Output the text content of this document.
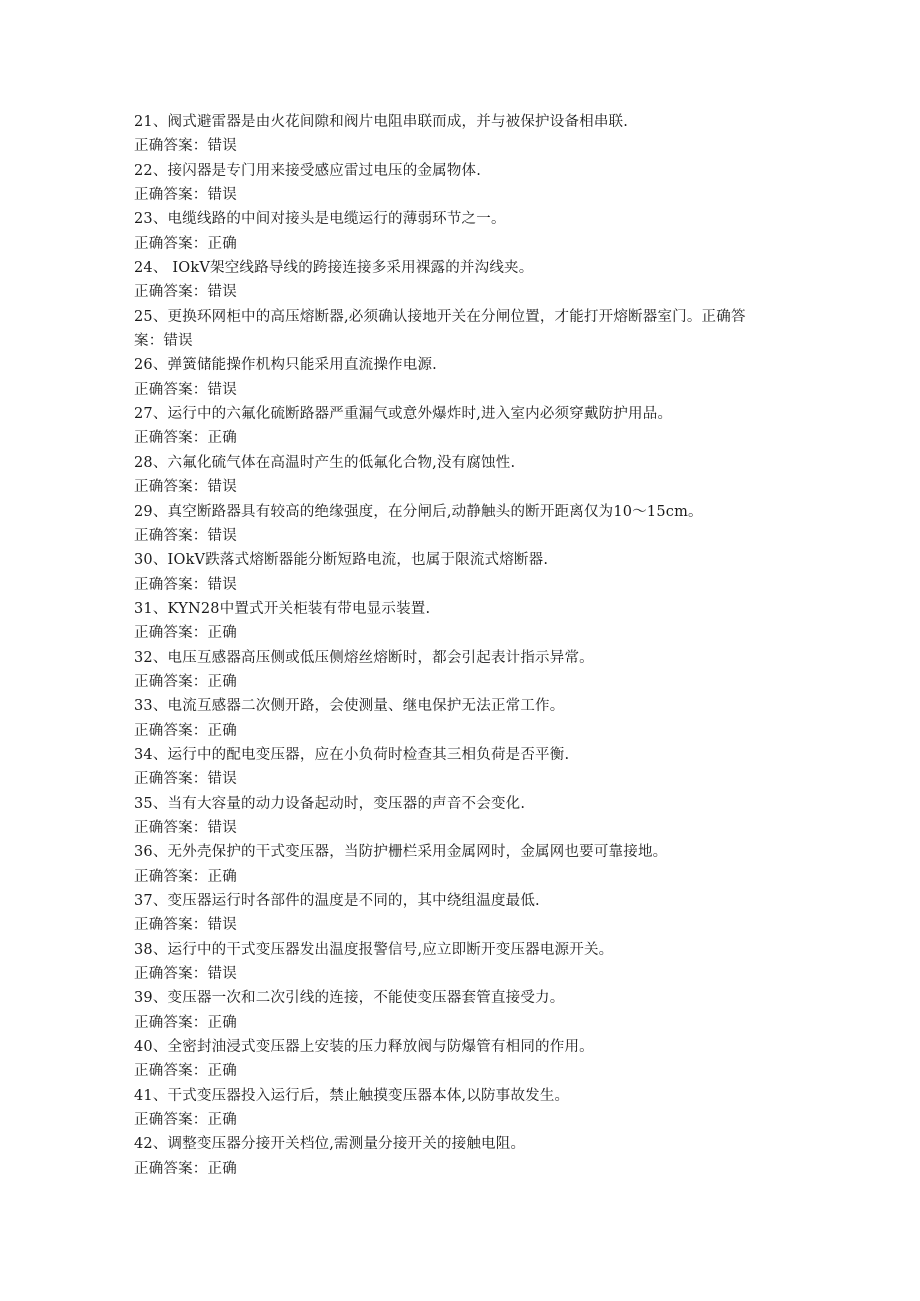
21、阀式避雷器是由火花间隙和阀片电阻串联而成，并与被保护设备相串联.
正确答案：错误
22、接闪器是专门用来接受感应雷过电压的金属物体.
正确答案：错误
23、电缆线路的中间对接头是电缆运行的薄弱环节之一。
正确答案：正确
24、 IOkV架空线路导线的跨接连接多采用裸露的并沟线夹。
正确答案：错误
25、更换环网柜中的高压熔断器,必须确认接地开关在分闸位置，才能打开熔断器室门。正确答
案：错误
26、弹簧储能操作机构只能采用直流操作电源.
正确答案：错误
27、运行中的六氟化硫断路器严重漏气或意外爆炸时,进入室内必须穿戴防护用品。
正确答案：正确
28、六氟化硫气体在高温时产生的低氟化合物,没有腐蚀性.
正确答案：错误
29、真空断路器具有较高的绝缘强度，在分闸后,动静触头的断开距离仅为10〜15cm。
正确答案：错误
30、IOkV跌落式熔断器能分断短路电流，也属于限流式熔断器.
正确答案：错误
31、KYN28中置式开关柜装有带电显示装置.
正确答案：正确
32、电压互感器高压侧或低压侧熔丝熔断时，都会引起表计指示异常。
正确答案：正确
33、电流互感器二次侧开路，会使测量、继电保护无法正常工作。
正确答案：正确
34、运行中的配电变压器，应在小负荷时检查其三相负荷是否平衡.
正确答案：错误
35、当有大容量的动力设备起动时，变压器的声音不会变化.
正确答案：错误
36、无外壳保护的干式变压器，当防护栅栏采用金属网时，金属网也要可靠接地。
正确答案：正确
37、变压器运行时各部件的温度是不同的，其中绕组温度最低.
正确答案：错误
38、运行中的干式变压器发出温度报警信号,应立即断开变压器电源开关。
正确答案：错误
39、变压器一次和二次引线的连接，不能使变压器套管直接受力。
正确答案：正确
40、全密封油浸式变压器上安装的压力释放阀与防爆管有相同的作用。
正确答案：正确
41、干式变压器投入运行后，禁止触摸变压器本体,以防事故发生。
正确答案：正确
42、调整变压器分接开关档位,需测量分接开关的接触电阻。
正确答案：正确
